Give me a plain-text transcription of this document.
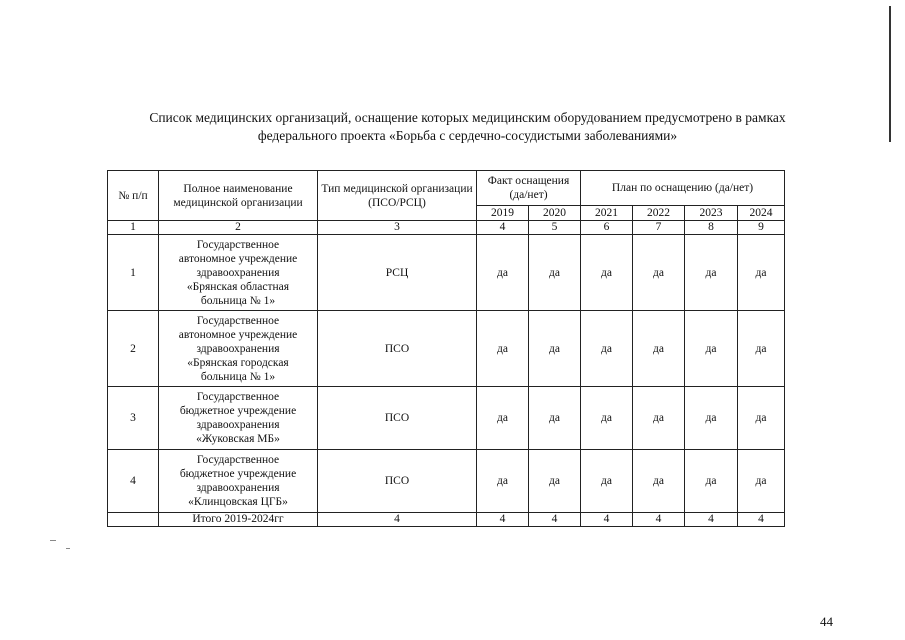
Список медицинских организаций, оснащение которых медицинским оборудованием предусмотрено в рамках
федерального проекта «Борьба с сердечно-сосудистыми заболеваниями»
№ п/п	Полное наименование медицинской организации	Тип медицинской организации (ПСО/РСЦ)	Факт оснащения (да/нет)		План по оснащению (да/нет)			
			2019	2020	2021	2022	2023	2024
1	2	3	4	5	6	7	8	9
1	Государственное
автономное учреждение
здравоохранения
«Брянская областная
больница № 1»	РСЦ	да	да	да	да	да	да
2	Государственное
автономное учреждение
здравоохранения
«Брянская городская
больница № 1»	ПСО	да	да	да	да	да	да
3	Государственное
бюджетное учреждение
здравоохранения
«Жуковская МБ»	ПСО	да	да	да	да	да	да
4	Государственное
бюджетное учреждение
здравоохранения
«Клинцовская ЦГБ»	ПСО	да	да	да	да	да	да
	Итого 2019-2024гг	4	4	4	4	4	4	4
44
